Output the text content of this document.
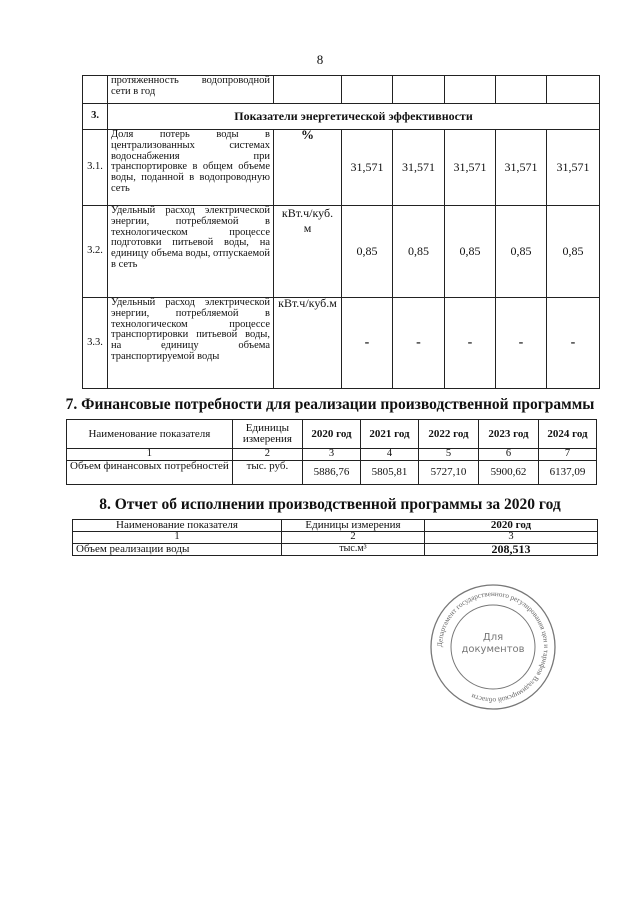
8
	протяженность водопроводной сети в год						
3.	Показатели энергетической эффективности						
3.1.	Доля потерь воды в централизованных системах водоснабжения при транспортировке в общем объеме воды, поданной в водопроводную сеть	%	31,571	31,571	31,571	31,571	31,571
3.2.	Удельный расход электрической энергии, потребляемой в технологическом процессе подготовки питьевой воды, на единицу объема воды, отпускаемой в сеть	кВт.ч/куб. м	0,85	0,85	0,85	0,85	0,85
3.3.	Удельный расход электрической энергии, потребляемой в технологическом процессе транспортировки питьевой воды, на единицу объема транспортируемой воды	кВт.ч/куб.м	-	-	-	-	-
7. Финансовые потребности для реализации производственной программы
Наименование показателя	Единицы измерения	2020 год	2021 год	2022 год	2023 год	2024 год
1	2	3	4	5	6	7
Объем финансовых потребностей	тыс. руб.	5886,76	5805,81	5727,10	5900,62	6137,09
8. Отчет об исполнении производственной программы за 2020 год
Наименование показателя	Единицы измерения	2020 год
1	2	3
Объем реализации воды	тыс.м³	208,513
Департамент государственного регулирования цен и тарифов Владимирской области
Для документов
